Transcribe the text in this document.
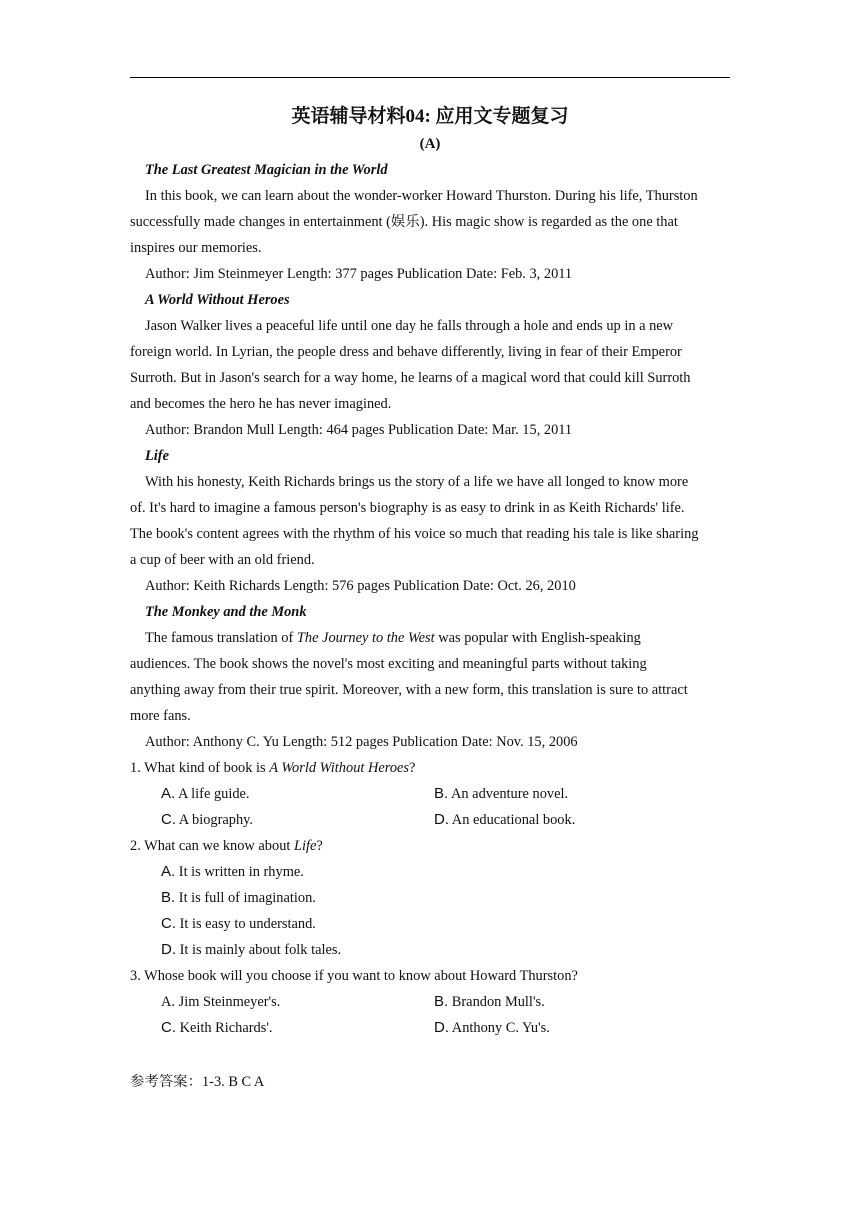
英语辅导材料04: 应用文专题复习
(A)

The Last Greatest Magician in the World

In this book, we can learn about the wonder-worker Howard Thurston. During his life, Thurston

successfully made changes in entertainment (娱乐). His magic show is regarded as the one that

inspires our memories.

Author: Jim Steinmeyer Length: 377 pages Publication Date: Feb. 3, 2011

A World Without Heroes

Jason Walker lives a peaceful life until one day he falls through a hole and ends up in a new

foreign world. In Lyrian, the people dress and behave differently, living in fear of their Emperor

Surroth. But in Jason's search for a way home, he learns of a magical word that could kill Surroth

and becomes the hero he has never imagined.

Author: Brandon Mull Length: 464 pages Publication Date: Mar. 15, 2011

Life

With his honesty, Keith Richards brings us the story of a life we have all longed to know more

of. It's hard to imagine a famous person's biography is as easy to drink in as Keith Richards' life.

The book's content agrees with the rhythm of his voice so much that reading his tale is like sharing

a cup of beer with an old friend.

Author: Keith Richards Length: 576 pages Publication Date: Oct. 26, 2010

The Monkey and the Monk

The famous translation of The Journey to the West was popular with English-speaking

audiences. The book shows the novel's most exciting and meaningful parts without taking

anything away from their true spirit. Moreover, with a new form, this translation is sure to attract

more fans.

Author: Anthony C. Yu Length: 512 pages Publication Date: Nov. 15, 2006

1. What kind of book is A World Without Heroes?

A. A life guide.	B. An adventure novel.
C. A biography.	D. An educational book.

2. What can we know about Life?

A. It is written in rhyme.
B. It is full of imagination.
C. It is easy to understand.
D. It is mainly about folk tales.

3. Whose book will you choose if you want to know about Howard Thurston?

A. Jim Steinmeyer's.	B. Brandon Mull's.
C. Keith Richards'.	D. Anthony C. Yu's.
参考答案：1-3. B C A
